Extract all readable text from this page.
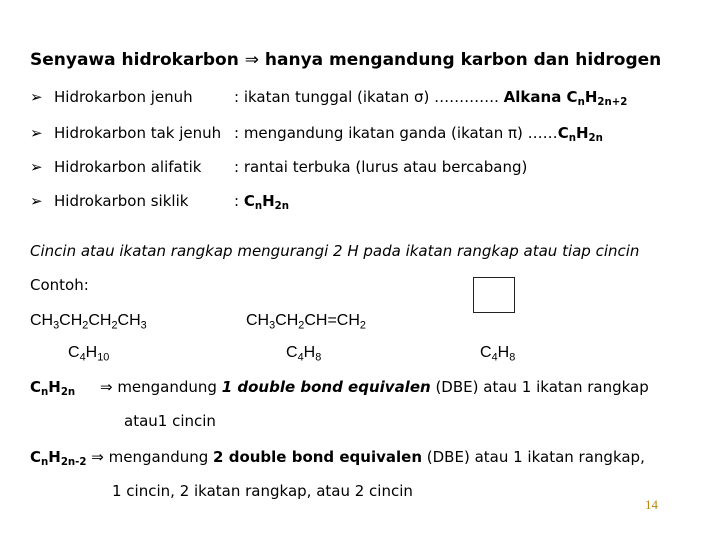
Senyawa hidrokarbon ⇒ hanya mengandung karbon dan hidrogen
➢ Hidrokarbon jenuh	: ikatan tunggal (ikatan σ) …………. Alkana $C_nH_{2n+2}$
➢ Hidrokarbon tak jenuh : mengandung ikatan ganda (ikatan π) $\dots\dots C_nH_{2n}$
➢ Hidrokarbon alifatik : rantai terbuka (lurus atau bercabang)
➢ Hidrokarbon siklik	: $C_nH_{2n}$
Cincin atau ikatan rangkap mengurangi 2 H pada ikatan rangkap atau tiap cincin
Contoh:
$CH_3CH_2CH_2CH_3$
$C_4H_{10}$
$CH_3CH_2CH=CH_2$
$C_4H_8$	$C_4H_8$
$C_nH_{2n}$ ⇒ mengandung 1 double bond equivalen (DBE) atau 1 ikatan rangkap
atau1 cincin
$C_nH_{2n-2}$ ⇒ mengandung 2 double bond equivalen (DBE) atau 1 ikatan rangkap,
1 cincin, 2 ikatan rangkap, atau 2 cincin
14
